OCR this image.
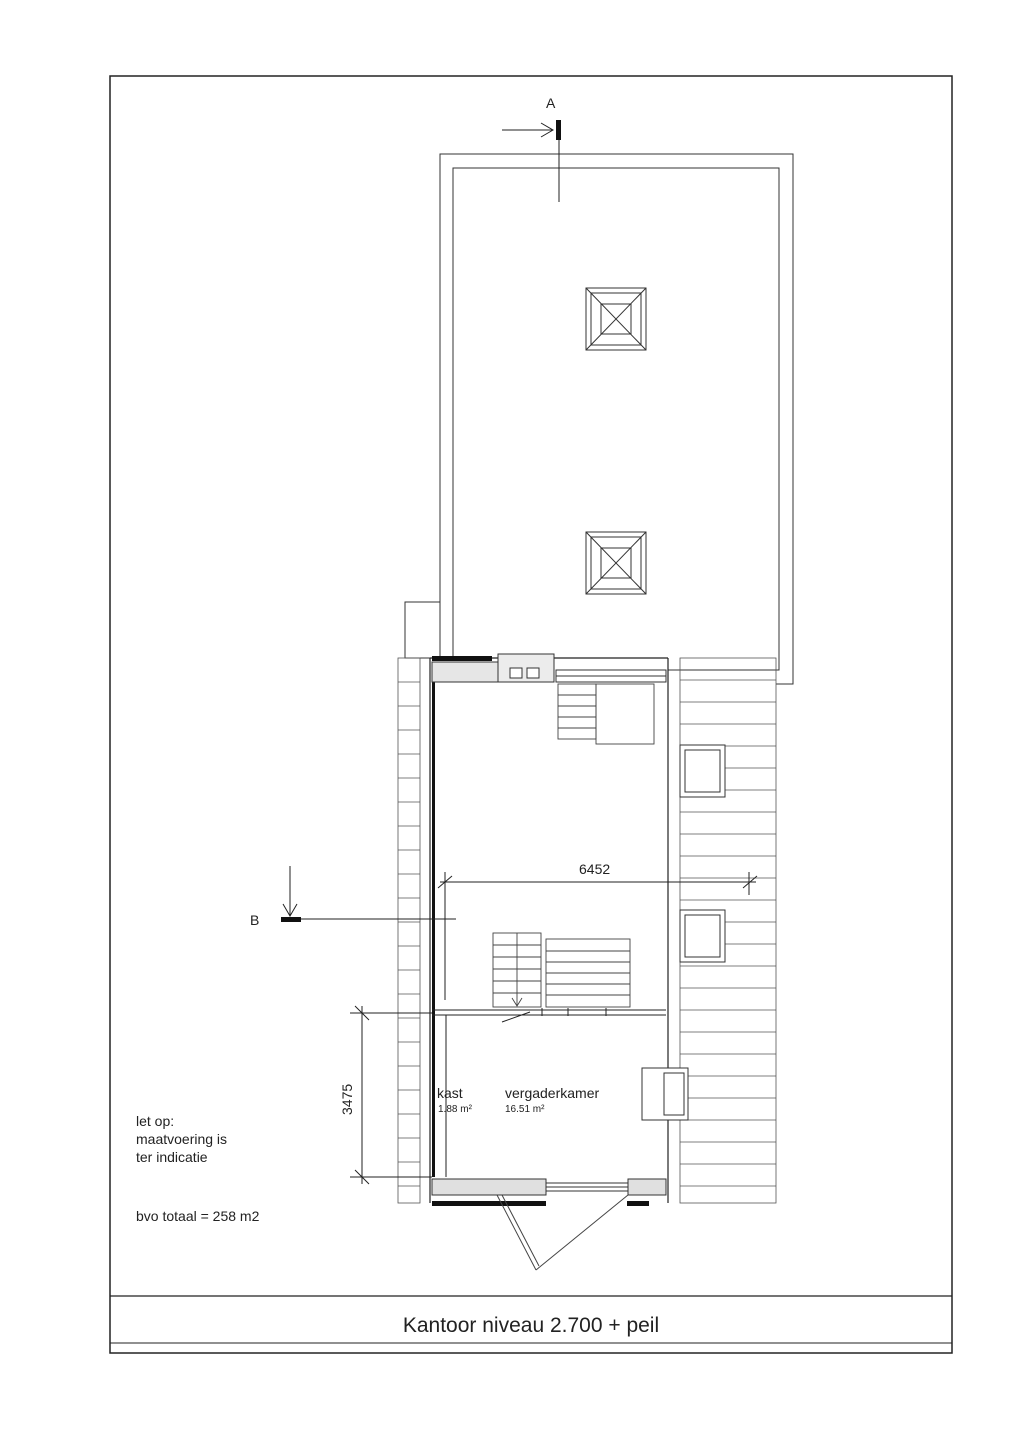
A
6452
B
3475	kast
1.88 m²
vergaderkamer
16.51 m²
let op:
maatvoering is
ter indicatie
bvo totaal = 258 m2
Kantoor niveau 2.700 + peil
